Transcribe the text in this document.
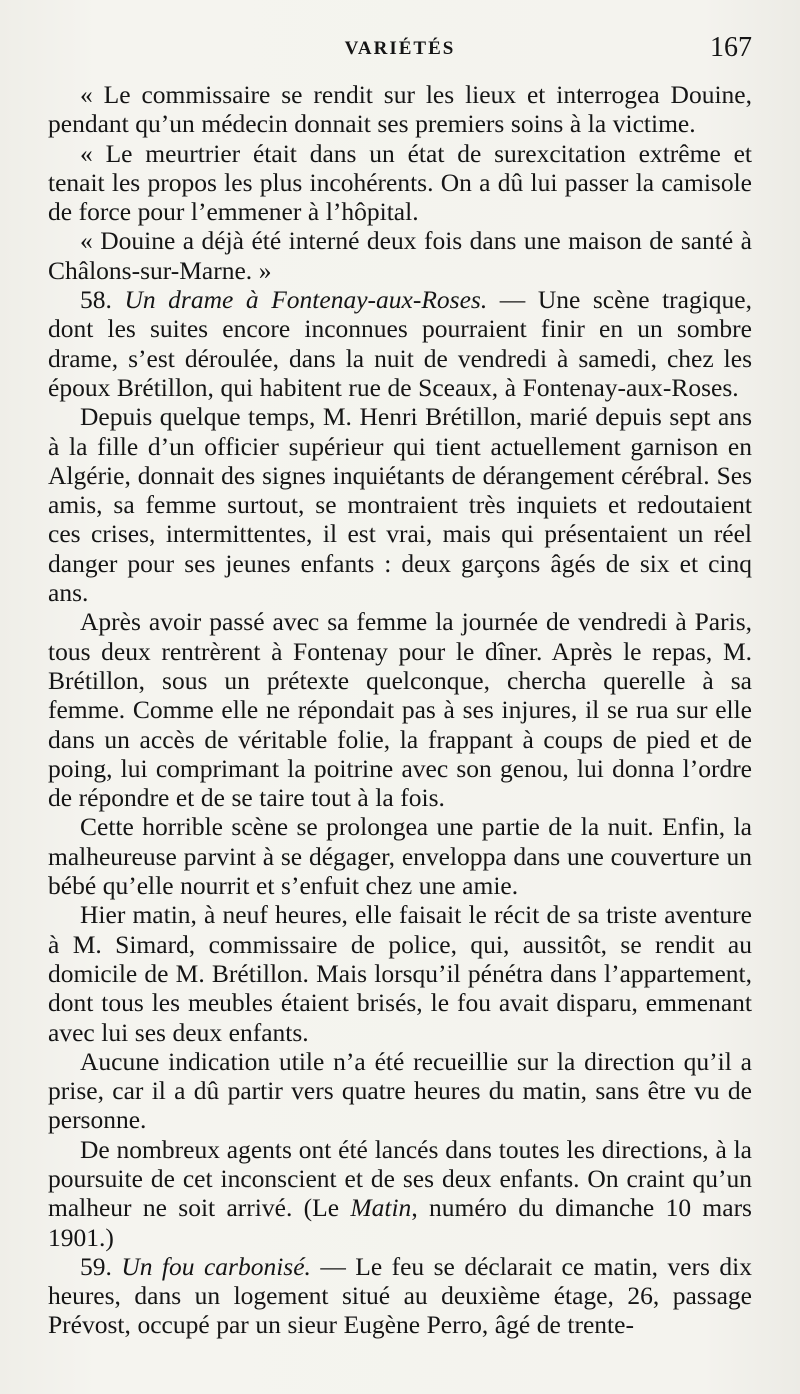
VARIÉTÉS	167

« Le commissaire se rendit sur les lieux et interrogea Douine, pendant qu’un médecin donnait ses premiers soins à la victime.

« Le meurtrier était dans un état de surexcitation extrême et tenait les propos les plus incohérents. On a dû lui passer la camisole de force pour l’emmener à l’hôpital.

« Douine a déjà été interné deux fois dans une maison de santé à Châlons-sur-Marne. »

58. Un drame à Fontenay-aux-Roses. — Une scène tragique, dont les suites encore inconnues pourraient finir en un sombre drame, s’est déroulée, dans la nuit de vendredi à samedi, chez les époux Brétillon, qui habitent rue de Sceaux, à Fontenay-aux-Roses.

Depuis quelque temps, M. Henri Brétillon, marié depuis sept ans à la fille d’un officier supérieur qui tient actuellement garnison en Algérie, donnait des signes inquiétants de dérangement cérébral. Ses amis, sa femme surtout, se montraient très inquiets et redoutaient ces crises, intermittentes, il est vrai, mais qui présentaient un réel danger pour ses jeunes enfants : deux garçons âgés de six et cinq ans.

Après avoir passé avec sa femme la journée de vendredi à Paris, tous deux rentrèrent à Fontenay pour le dîner. Après le repas, M. Brétillon, sous un prétexte quelconque, chercha querelle à sa femme. Comme elle ne répondait pas à ses injures, il se rua sur elle dans un accès de véritable folie, la frappant à coups de pied et de poing, lui comprimant la poitrine avec son genou, lui donna l’ordre de répondre et de se taire tout à la fois.

Cette horrible scène se prolongea une partie de la nuit. Enfin, la malheureuse parvint à se dégager, enveloppa dans une couverture un bébé qu’elle nourrit et s’enfuit chez une amie.

Hier matin, à neuf heures, elle faisait le récit de sa triste aventure à M. Simard, commissaire de police, qui, aussitôt, se rendit au domicile de M. Brétillon. Mais lorsqu’il pénétra dans l’appartement, dont tous les meubles étaient brisés, le fou avait disparu, emmenant avec lui ses deux enfants.

Aucune indication utile n’a été recueillie sur la direction qu’il a prise, car il a dû partir vers quatre heures du matin, sans être vu de personne.

De nombreux agents ont été lancés dans toutes les directions, à la poursuite de cet inconscient et de ses deux enfants. On craint qu’un malheur ne soit arrivé. (Le Matin, numéro du dimanche 10 mars 1901.)

59. Un fou carbonisé. — Le feu se déclarait ce matin, vers dix heures, dans un logement situé au deuxième étage, 26, passage Prévost, occupé par un sieur Eugène Perro, âgé de trente-
